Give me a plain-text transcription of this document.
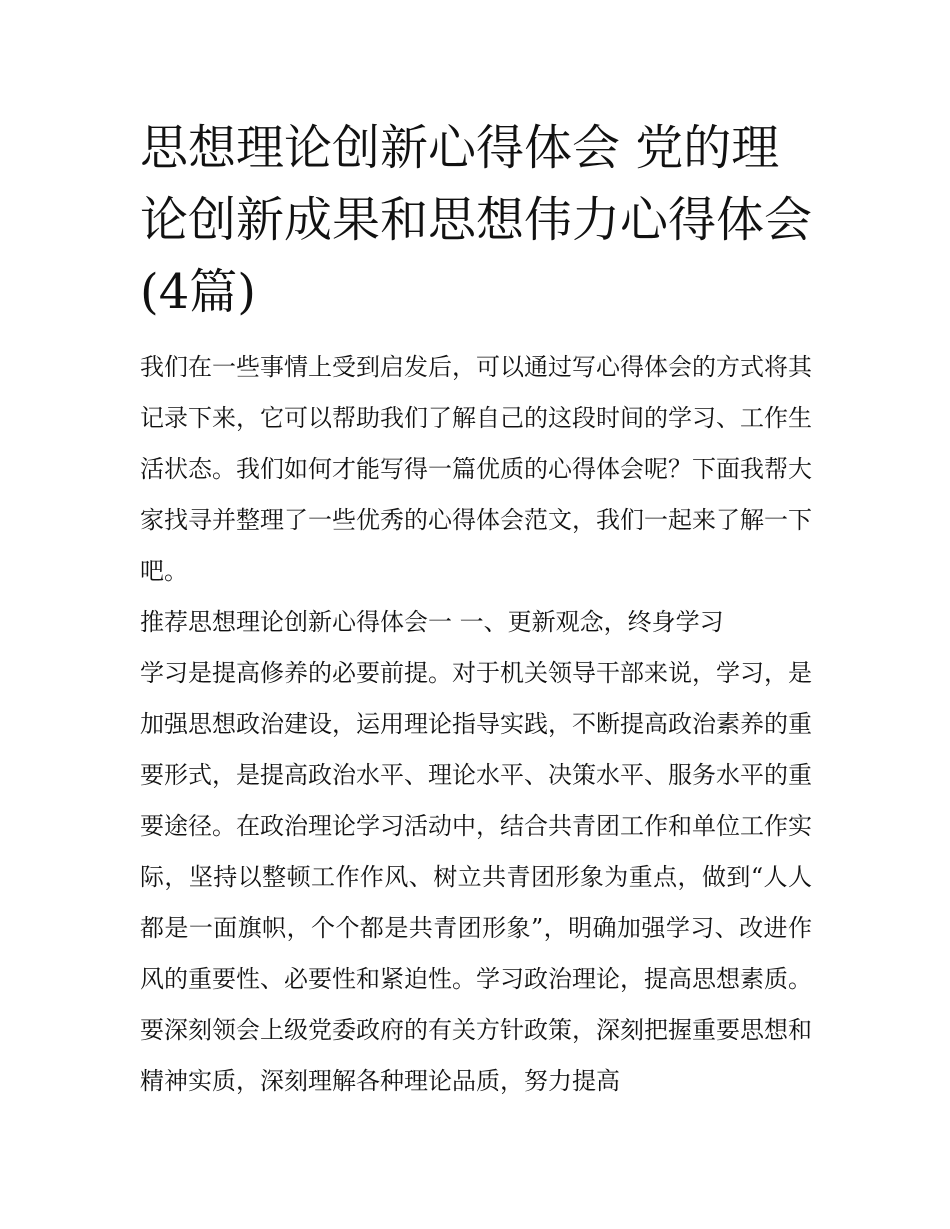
思想理论创新心得体会 党的理论创新成果和思想伟力心得体会(4篇)

我们在一些事情上受到启发后，可以通过写心得体会的方式将其记录下来，它可以帮助我们了解自己的这段时间的学习、工作生活状态。我们如何才能写得一篇优质的心得体会呢？下面我帮大家找寻并整理了一些优秀的心得体会范文，我们一起来了解一下吧。

推荐思想理论创新心得体会一 一、更新观念，终身学习

学习是提高修养的必要前提。对于机关领导干部来说，学习，是加强思想政治建设，运用理论指导实践，不断提高政治素养的重要形式，是提高政治水平、理论水平、决策水平、服务水平的重要途径。在政治理论学习活动中，结合共青团工作和单位工作实际，坚持以整顿工作作风、树立共青团形象为重点，做到“人人都是一面旗帜，个个都是共青团形象”，明确加强学习、改进作风的重要性、必要性和紧迫性。学习政治理论，提高思想素质。要深刻领会上级党委政府的有关方针政策，深刻把握重要思想和精神实质，深刻理解各种理论品质，努力提高
